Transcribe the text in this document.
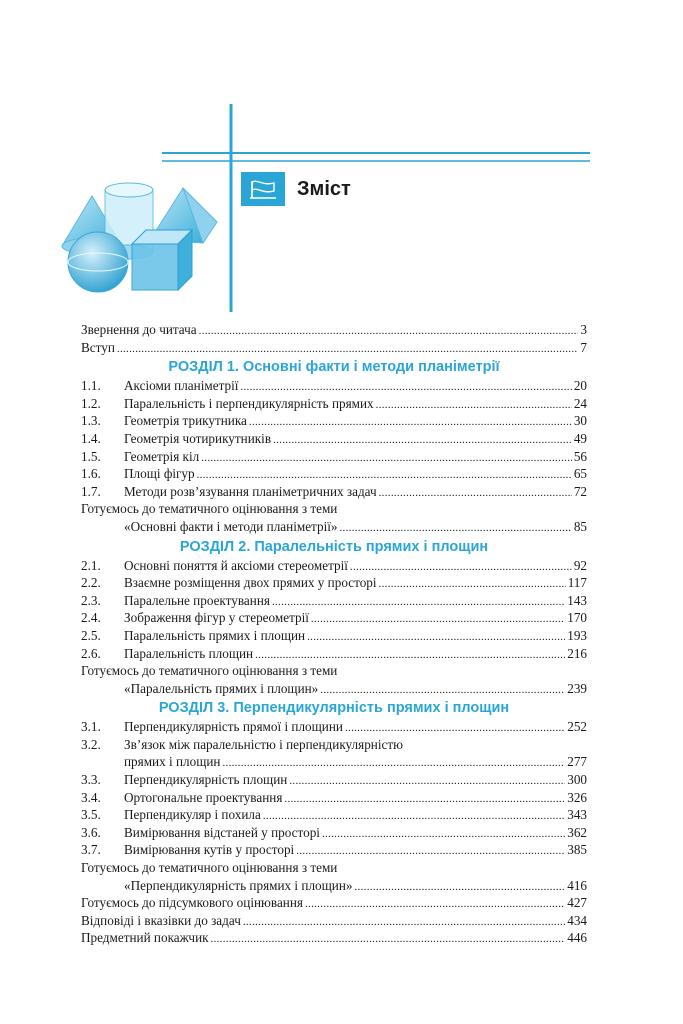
Зміст
Звернення до читача .....	3
Вступ .....	7
РОЗДІЛ 1. Основні факти і методи планіметрії
1.1.	Аксіоми планіметрії .....	20
1.2.	Паралельність і перпендикулярність прямих .....	24
1.3.	Геометрія трикутника .....	30
1.4.	Геометрія чотирикутників .....	49
1.5.	Геометрія кіл .....	56
1.6.	Площі фігур .....	65
1.7.	Методи розв’язування планіметричних задач .....	72
Готуємось до тематичного оцінювання з теми
«Основні факти і методи планіметрії» .....	85
РОЗДІЛ 2. Паралельність прямих і площин
2.1.	Основні поняття й аксіоми стереометрії .....	92
2.2.	Взаємне розміщення двох прямих у просторі .....	117
2.3.	Паралельне проектування .....	143
2.4.	Зображення фігур у стереометрії .....	170
2.5.	Паралельність прямих і площин .....	193
2.6.	Паралельність площин .....	216
Готуємось до тематичного оцінювання з теми
«Паралельність прямих і площин» .....	239
РОЗДІЛ 3. Перпендикулярність прямих і площин
3.1.	Перпендикулярність прямої і площини .....	252
3.2.	Зв’язок між паралельністю і перпендикулярністю
прямих і площин .....	277
3.3.	Перпендикулярність площин .....	300
3.4.	Ортогональне проектування .....	326
3.5.	Перпендикуляр і похила .....	343
3.6.	Вимірювання відстаней у просторі .....	362
3.7.	Вимірювання кутів у просторі .....	385
Готуємось до тематичного оцінювання з теми
«Перпендикулярність прямих і площин» .....	416
Готуємось до підсумкового оцінювання .....	427
Відповіді і вказівки до задач .....	434
Предметний покажчик .....	446
